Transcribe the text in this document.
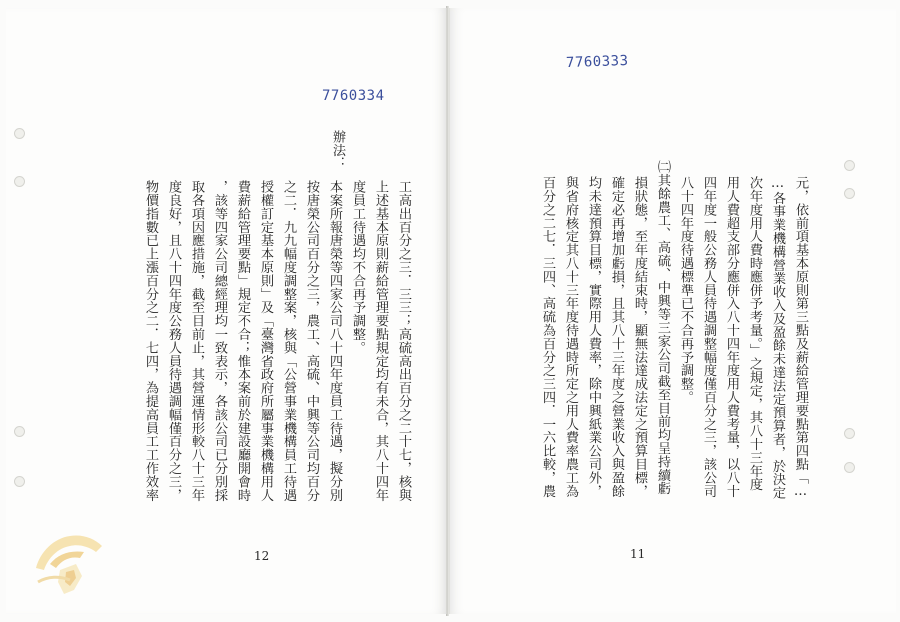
7760334
7760333
辦法：
工高出百分之三．三三；高硫高出百分之二十七，核與
上述基本原則薪給管理要點規定均有未合，其八十四年
度員工待遇均不合再予調整。
本案所報唐榮等四家公司八十四年度員工待遇，擬分別
按唐榮公司百分之三，農工、高硫、中興等公司均百分
之二．九九幅度調整案，核與「公營事業機構員工待遇
授權訂定基本原則」及「臺灣省政府所屬事業機構用人
費薪給管理要點」規定不合；惟本案前於建設廳開會時
，該等四家公司總經理均一致表示，各該公司已分別採
取各項因應措施，截至目前止，其營運情形較八十三年
度良好，且八十四年度公務人員待遇調幅僅百分之三，
物價指數已上漲百分之二．七四，為提高員工工作效率
12
元，依前項基本原則第三點及薪給管理要點第四點「…
…各事業機構營業收入及盈餘未達法定預算者，於決定
次年度用人費時應併予考量。」之規定，其八十三年度
用人費超支部分應併入八十四年度用人費考量，以八十
四年度一般公務人員待遇調整幅度僅百分之三，該公司
八十四年度待遇標準已不合再予調整。
㈡其餘農工、高硫、中興等三家公司截至目前均呈持續虧
損狀態，至年度結束時，顯無法達成法定之預算目標，
確定必再增加虧損，且其八十三年度之營業收入與盈餘
均未達預算目標，實際用人費率，除中興紙業公司外，
與省府核定其八十三年度待遇時所定之用人費率農工為
百分之二七．三四、高硫為百分之三四．一六比較，農
11
